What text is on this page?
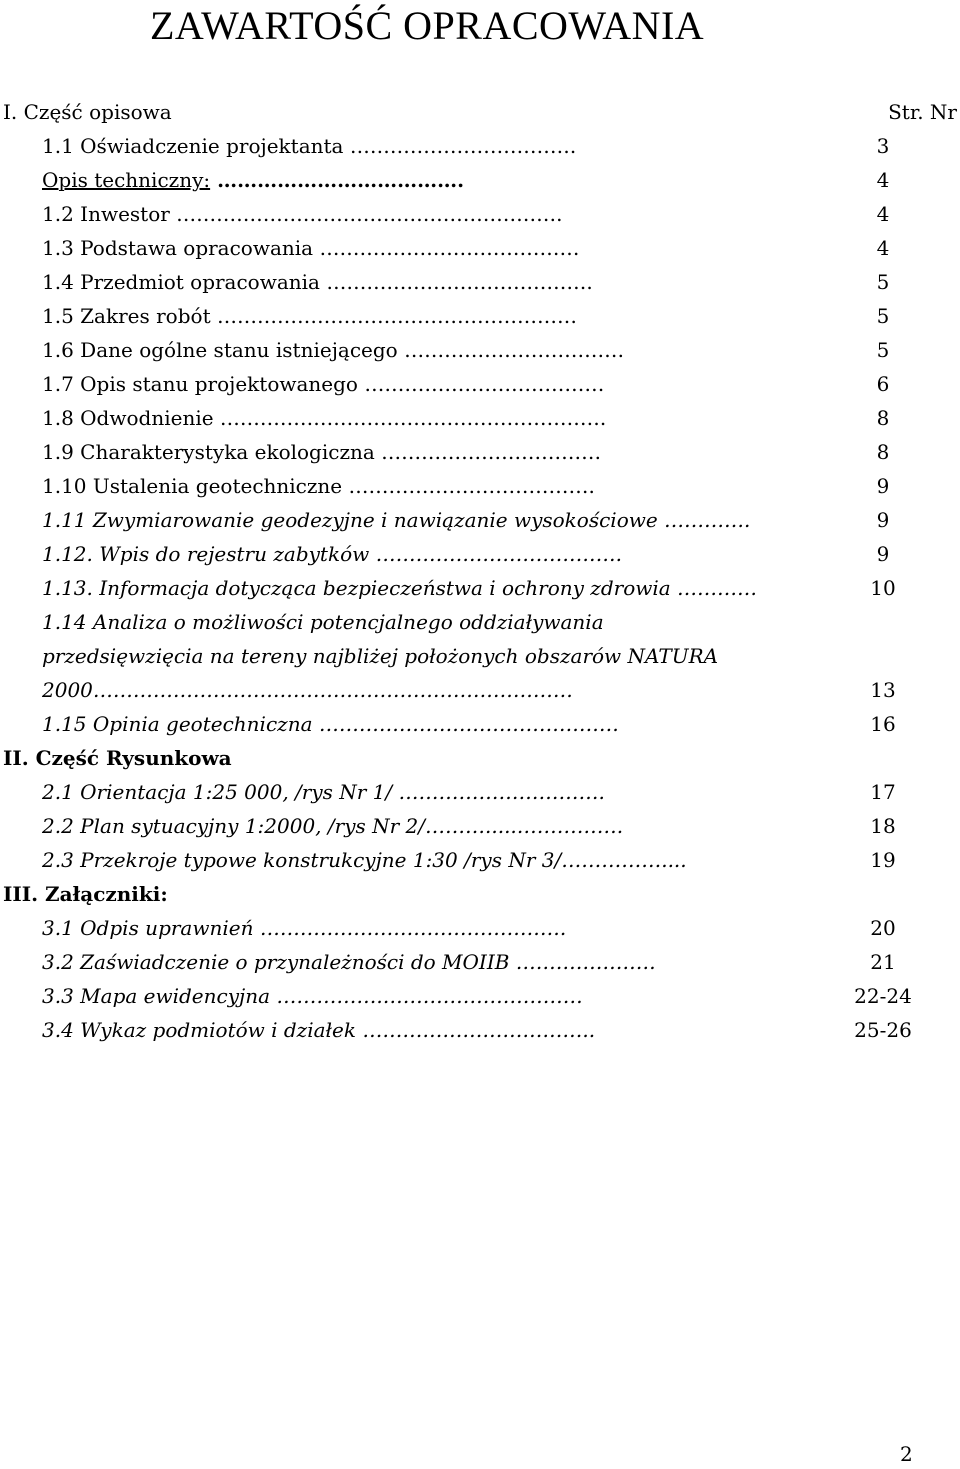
ZAWARTOŚĆ OPRACOWANIA
I. Część opisowa	Str. Nr
1.1 Oświadczenie projektanta …………………………….	3
Opis techniczny: ……………………………….	4
1.2 Inwestor ………………………………………………….	4
1.3 Podstawa opracowania …………………………………	4
1.4 Przedmiot opracowania ………………………………….	5
1.5 Zakres robót ………………………………………………	5
1.6 Dane ogólne stanu istniejącego ……………………………	5
1.7 Opis stanu projektowanego ………………………………	6
1.8 Odwodnienie ………………………………………………….	8
1.9 Charakterystyka ekologiczna ……………………………	8
1.10 Ustalenia geotechniczne ……………………………….	9
1.11 Zwymiarowanie geodezyjne i nawiązanie wysokościowe ………….	9
1.12. Wpis do rejestru zabytków ……………………………….	9
1.13. Informacja dotycząca bezpieczeństwa i ochrony zdrowia …………	10
1.14 Analiza o możliwości potencjalnego oddziaływania
przedsięwzięcia na tereny najbliżej położonych obszarów NATURA
2000………………………………………………………………	13
1.15 Opinia geotechniczna ………………………………………	16
II. Część Rysunkowa
2.1 Orientacja 1:25 000, /rys Nr 1/ ………………………….	17
2.2 Plan sytuacyjny 1:2000, /rys Nr 2/……….....…………….	18
2.3 Przekroje typowe konstrukcyjne 1:30 /rys Nr 3/……………....	19
III. Załączniki:
3.1 Odpis uprawnień ……………………………………….	20
3.2 Zaświadczenie o przynależności do MOIIB …………………	21
3.3 Mapa ewidencyjna …………….…………………………	22-24
3.4 Wykaz podmiotów i działek ……………………………..	25-26
2
